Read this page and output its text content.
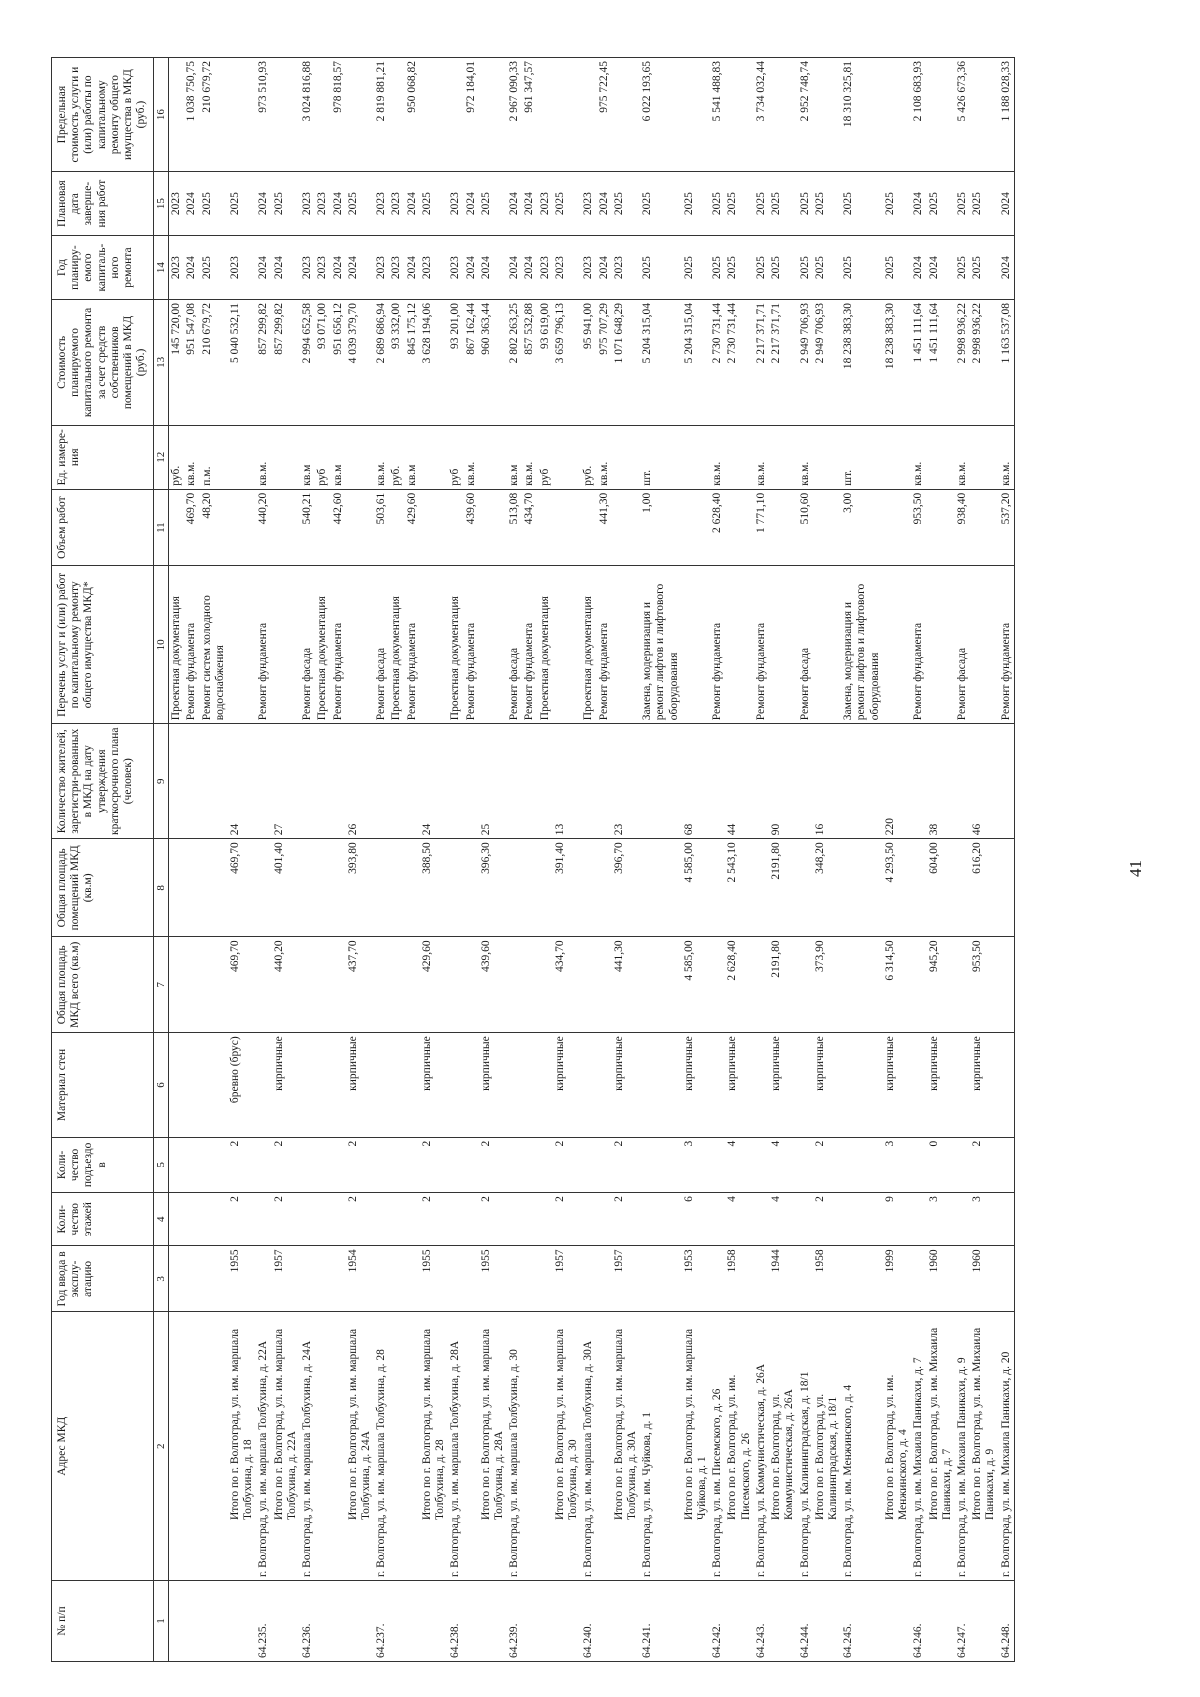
41
№ п/п	Адрес МКД	Год ввода в эксплу-атацию	Коли-чество этажей	Коли-чество подъездо в	Материал стен	Общая площадь МКД всего (кв.м)	Общая площадь помещений МКД (кв.м)	Количество жителей, зарегистри-рованных в МКД на дату утверждения краткосрочного плана (человек)	Перечень услуг и (или) работ по капитальному ремонту общего имущества МКД*	Объем работ	Ед. измере-ния	Стоимость планируемого капитального ремонта за счет средств собственников помещений в МКД (руб.)	Год планиру-емого капиталь-ного ремонта	Плановая дата заверше-ния работ	Предельная стоимость услуги и (или) работы по капитальному ремонту общего имущества в МКД (руб.)
1	2	3	4	5	6	7	8	9	10	11	12	13	14	15	16
									Проектная документация		руб.	145 720,00	2023	2023	
									Ремонт фундамента	469,70	кв.м.	951 547,08	2024	2024	1 038 750,75
									Ремонт систем холодного водоснабжения	48,20	п.м.	210 679,72	2025	2025	210 679,72
	Итого по г. Волгоград, ул. им. маршала Толбухина, д. 18	1955	2	2	бревно (брус)	469,70	469,70	24				5 040 532,11	2023	2025	
64.235.	г. Волгоград, ул. им. маршала Толбухина, д. 22А								Ремонт фундамента	440,20	кв.м.	857 299,82	2024	2024	973 510,93
	Итого по г. Волгоград, ул. им. маршала Толбухина, д. 22А	1957	2	2	кирпичные	440,20	401,40	27				857 299,82	2024	2025	
64.236.	г. Волгоград, ул. им. маршала Толбухина, д. 24А								Ремонт фасада	540,21	кв.м	2 994 652,58	2023	2023	3 024 816,88
									Проектная документация		руб	93 071,00	2023	2023	
									Ремонт фундамента	442,60	кв.м	951 656,12	2024	2024	978 818,57
	Итого по г. Волгоград, ул. им. маршала Толбухина, д. 24А	1954	2	2	кирпичные	437,70	393,80	26				4 039 379,70	2024	2025	
64.237.	г. Волгоград, ул. им. маршала Толбухина, д. 28								Ремонт фасада	503,61	кв.м.	2 689 686,94	2023	2023	2 819 881,21
									Проектная документация		руб.	93 332,00	2023	2023	
									Ремонт фундамента	429,60	кв.м	845 175,12	2024	2024	950 068,82
	Итого по г. Волгоград, ул. им. маршала Толбухина, д. 28	1955	2	2	кирпичные	429,60	388,50	24				3 628 194,06	2023	2025	
64.238.	г. Волгоград, ул. им. маршала Толбухина, д. 28А								Проектная документация		руб	93 201,00	2023	2023	
									Ремонт фундамента	439,60	кв.м.	867 162,44	2024	2024	972 184,01
	Итого по г. Волгоград, ул. им. маршала Толбухина, д. 28А	1955	2	2	кирпичные	439,60	396,30	25				960 363,44	2024	2025	
64.239.	г. Волгоград, ул. им. маршала Толбухина, д. 30								Ремонт фасада	513,08	кв.м	2 802 263,25	2024	2024	2 967 090,33
									Ремонт фундамента	434,70	кв.м.	857 532,88	2024	2024	961 347,57
									Проектная документация		руб	93 619,00	2023	2023	
	Итого по г. Волгоград, ул. им. маршала Толбухина, д. 30	1957	2	2	кирпичные	434,70	391,40	13				3 659 796,13	2023	2025	
64.240.	г. Волгоград, ул. им. маршала Толбухина, д. 30А								Проектная документация		руб.	95 941,00	2023	2023	
									Ремонт фундамента	441,30	кв.м.	975 707,29	2024	2024	975 722,45
	Итого по г. Волгоград, ул. им. маршала Толбухина, д. 30А	1957	2	2	кирпичные	441,30	396,70	23				1 071 648,29	2023	2025	
64.241.	г. Волгоград, ул. им. Чуйкова, д. 1								Замена, модернизация и ремонт лифтов и лифтового оборудования	1,00	шт.	5 204 315,04	2025	2025	6 022 193,65
	Итого по г. Волгоград, ул. им. маршала Чуйкова, д. 1	1953	6	3	кирпичные	4 585,00	4 585,00	68				5 204 315,04	2025	2025	
64.242.	г. Волгоград, ул. им. Писемского, д. 26								Ремонт фундамента	2 628,40	кв.м.	2 730 731,44	2025	2025	5 541 488,83
	Итого по г. Волгоград, ул. им. Писемского, д. 26	1958	4	4	кирпичные	2 628,40	2 543,10	44				2 730 731,44	2025	2025	
64.243.	г. Волгоград, ул. Коммунистическая, д. 26А								Ремонт фундамента	1 771,10	кв.м.	2 217 371,71	2025	2025	3 734 032,44
	Итого по г. Волгоград, ул. Коммунистическая, д. 26А	1944	4	4	кирпичные	2191,80	2191,80	90				2 217 371,71	2025	2025	
64.244.	г. Волгоград, ул. Калининградская, д. 18/1								Ремонт фасада	510,60	кв.м.	2 949 706,93	2025	2025	2 952 748,74
	Итого по г. Волгоград, ул. Калининградская, д. 18/1	1958	2	2	кирпичные	373,90	348,20	16				2 949 706,93	2025	2025	
64.245.	г. Волгоград, ул. им. Менжинского, д. 4								Замена, модернизация и ремонт лифтов и лифтового оборудования	3,00	шт.	18 238 383,30	2025	2025	18 310 325,81
	Итого по г. Волгоград, ул. им. Менжинского, д. 4	1999	9	3	кирпичные	6 314,50	4 293,50	220				18 238 383,30	2025	2025	
64.246.	г. Волгоград, ул. им. Михаила Паникахи, д. 7								Ремонт фундамента	953,50	кв.м.	1 451 111,64	2024	2024	2 108 683,93
	Итого по г. Волгоград, ул. им. Михаила Паникахи, д. 7	1960	3	0	кирпичные	945,20	604,00	38				1 451 111,64	2024	2025	
64.247.	г. Волгоград, ул. им. Михаила Паникахи, д. 9								Ремонт фасада	938,40	кв.м.	2 998 936,22	2025	2025	5 426 673,36
	Итого по г. Волгоград, ул. им. Михаила Паникахи, д. 9	1960	3	2	кирпичные	953,50	616,20	46				2 998 936,22	2025	2025	
64.248.	г. Волгоград, ул. им. Михаила Паникахи, д. 20								Ремонт фундамента	537,20	кв.м.	1 163 537,08	2024	2024	1 188 028,33
